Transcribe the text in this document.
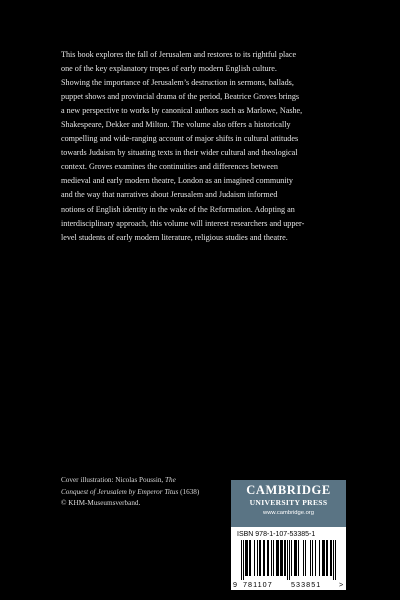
This book explores the fall of Jerusalem and restores to its rightful place
one of the key explanatory tropes of early modern English culture.
Showing the importance of Jerusalem’s destruction in sermons, ballads,
puppet shows and provincial drama of the period, Beatrice Groves brings
a new perspective to works by canonical authors such as Marlowe, Nashe,
Shakespeare, Dekker and Milton. The volume also offers a historically
compelling and wide-ranging account of major shifts in cultural attitudes
towards Judaism by situating texts in their wider cultural and theological
context. Groves examines the continuities and differences between
medieval and early modern theatre, London as an imagined community
and the way that narratives about Jerusalem and Judaism informed
notions of English identity in the wake of the Reformation. Adopting an
interdisciplinary approach, this volume will interest researchers and upper-
level students of early modern literature, religious studies and theatre.
Cover illustration: Nicolas Poussin, The
Conquest of Jerusalem by Emperor Titus (1638)
© KHM-Museumsverband.
CAMBRIDGE
UNIVERSITY PRESS
www.cambridge.org
ISBN 978-1-107-53385-1
9 781107	533851 >
